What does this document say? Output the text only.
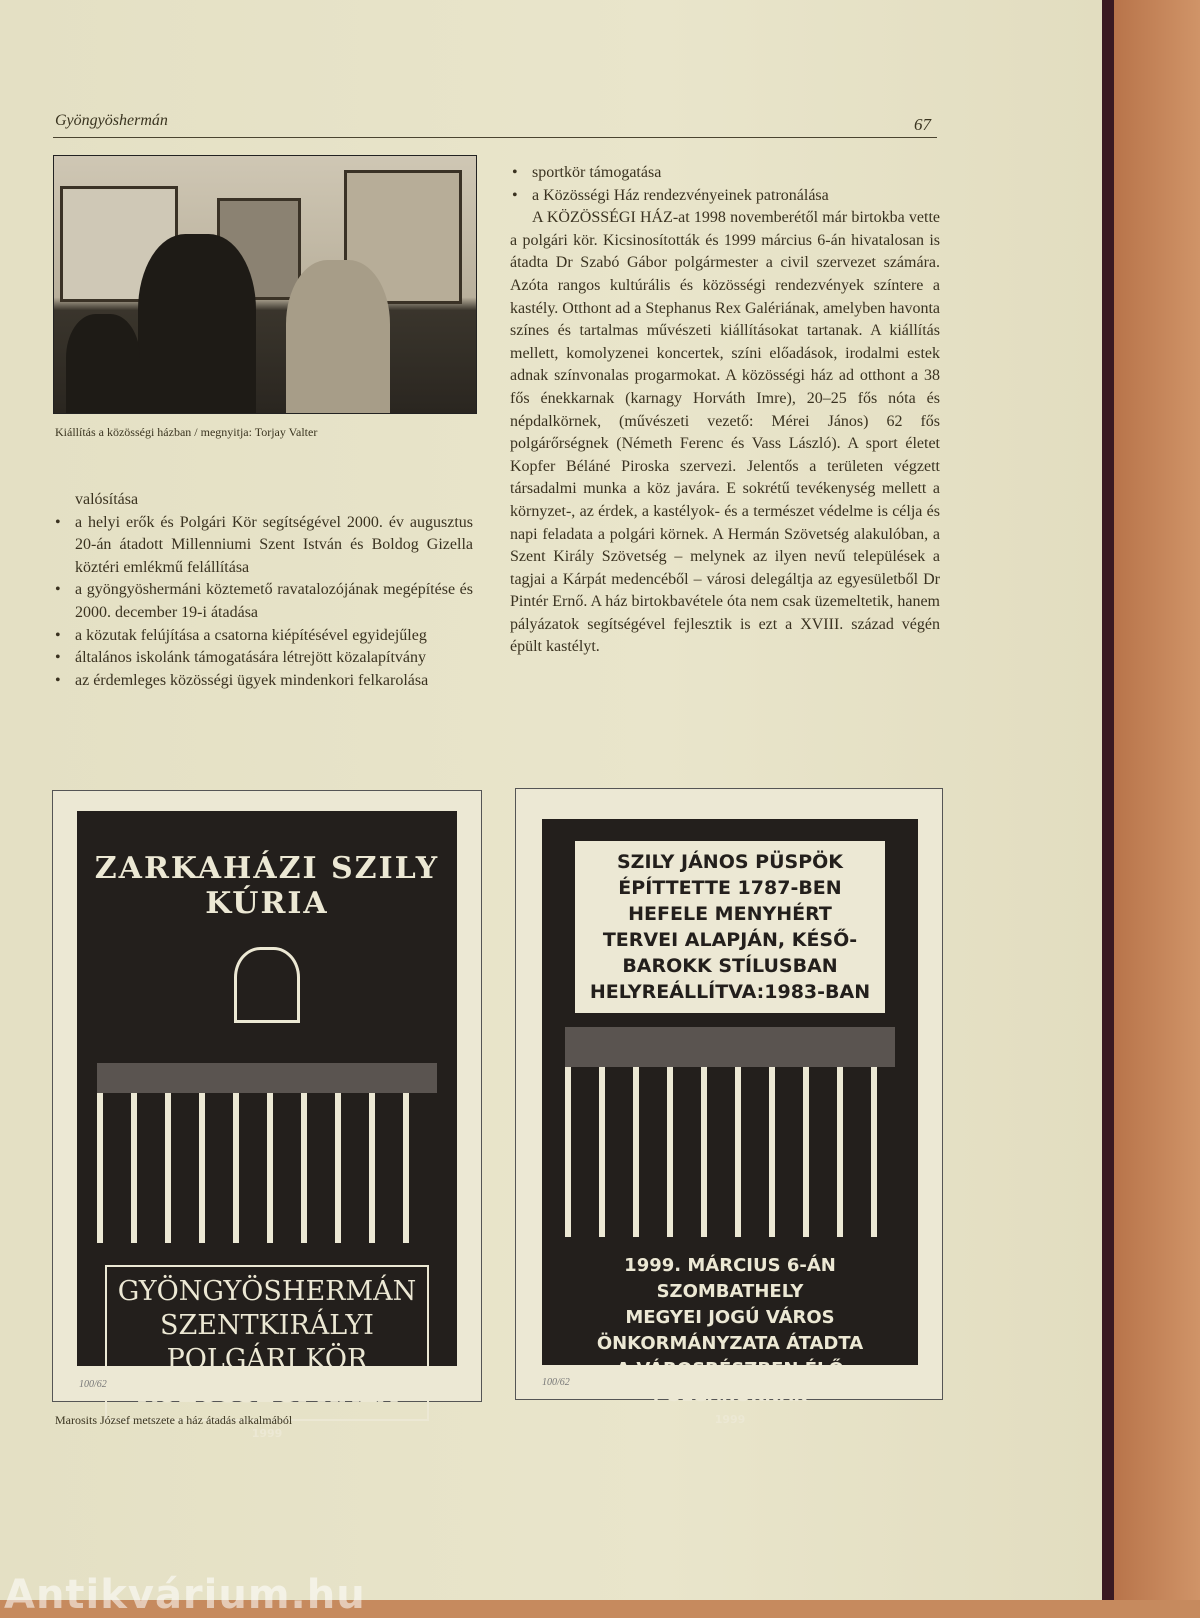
Gyöngyöshermán	67
Kiállítás a közösségi házban / megnyitja: Torjay Valter

valósítása

• a helyi erők és Polgári Kör segítségével 2000. év augusztus 20-án átadott Millenniumi Szent István és Boldog Gizella köztéri emlékmű felállítása

• a gyöngyöshermáni köztemető ravatalozójának megépítése és 2000. december 19-i átadása

• a közutak felújítása a csatorna kiépítésével egyidejűleg

• általános iskolánk támogatására létrejött közalapítvány

• az érdemleges közösségi ügyek mindenkori felkarolása

• sportkör támogatása

• a Közösségi Ház rendezvényeinek patronálása

A KÖZÖSSÉGI HÁZ-at 1998 novemberétől már birtokba vette a polgári kör. Kicsinosították és 1999 március 6-án hivatalosan is átadta Dr Szabó Gábor polgármester a civil szervezet számára. Azóta rangos kultúrális és közösségi rendezvények színtere a kastély. Otthont ad a Stephanus Rex Galériának, amelyben havonta színes és tartalmas művészeti kiállításokat tartanak. A kiállítás mellett, komolyzenei koncertek, színi előadások, irodalmi estek adnak színvonalas progarmokat. A közösségi ház ad otthont a 38 fős énekkarnak (karnagy Horváth Imre), 20–25 fős nóta és népdalkörnek, (művészeti vezető: Mérei János) 62 fős polgárőrségnek (Németh Ferenc és Vass László). A sport életet Kopfer Béláné Piroska szervezi. Jelentős a területen végzett társadalmi munka a köz javára. E sokrétű tevékenység mellett a környzet-, az érdek, a kastélyok- és a természet védelme is célja és napi feladata a polgári körnek. A Hermán Szövetség alakulóban, a Szent Király Szövetség – melynek az ilyen nevű települések a tagjai a Kárpát medencéből – városi delegáltja az egyesületből Dr Pintér Ernő. A ház birtokbavétele óta nem csak üzemeltetik, hanem pályázatok segítségével fejlesztik is ezt a XVIII. század végén épült kastélyt.

ZARKAHÁZI SZILY KÚRIA
GYÖNGYÖSHERMÁN
SZENTKIRÁLYI
POLGÁRI KÖR
KÖZÖSSÉGI HÁZA
1999
100/62
SZILY JÁNOS PÜSPÖK
ÉPÍTTETTE 1787-BEN
HEFELE MENYHÉRT
TERVEI ALAPJÁN, KÉSŐ-
BAROKK STÍLUSBAN
HELYREÁLLÍTVA:1983-BAN
1999. MÁRCIUS 6-ÁN
SZOMBATHELY
MEGYEI JOGÚ VÁROS
ÖNKORMÁNYZATA ÁTADTA
A VÁROSRÉSZBEN ÉLŐ
POLGÁROKNAK
1999
100/62
Marosits József metszete a ház átadás alkalmából
Antikvárium.hu
